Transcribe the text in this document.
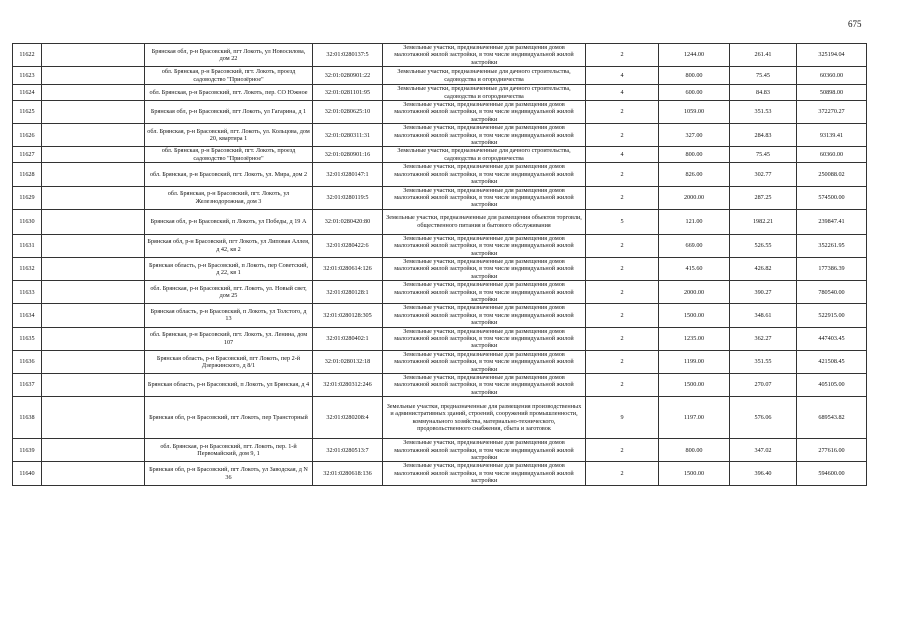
675
11622		Брянская обл, р-н Брасовский, пгт Локоть, ул Новосилова, дом 22	32:01:0280137:5	Земельные участки, предназначенные для размещения домов малоэтажной жилой застройки, в том числе индивидуальной жилой застройки	2	1244.00	261.41	325194.04
11623		обл. Брянская, р-н Брасовский, пгт. Локоть, проезд садоводство "Приозёрное"	32:01:0280901:22	Земельные участки, предназначенные для дачного строительства, садоводства и огородничества	4	800.00	75.45	60360.00
11624		обл. Брянская, р-н Брасовский, пгт. Локоть, пер. СО Южное	32:01:0281101:95	Земельные участки, предназначенные для дачного строительства, садоводства и огородничества	4	600.00	84.83	50898.00
11625		Брянская обл, р-н Брасовский, пгт Локоть, ул Гагарина, д 1	32:01:0280625:10	Земельные участки, предназначенные для размещения домов малоэтажной жилой застройки, в том числе индивидуальной жилой застройки	2	1059.00	351.53	372270.27
11626		обл. Брянская, р-н Брасовский, пгт. Локоть, ул. Кольцова, дом 20, квартира 1	32:01:0280311:31	Земельные участки, предназначенные для размещения домов малоэтажной жилой застройки, в том числе индивидуальной жилой застройки	2	327.00	284.83	93139.41
11627		обл. Брянская, р-н Брасовский, пгт. Локоть, проезд садоводство "Приозёрное"	32:01:0280901:16	Земельные участки, предназначенные для дачного строительства, садоводства и огородничества	4	800.00	75.45	60360.00
11628		обл. Брянская, р-н Брасовский, пгт. Локоть, ул. Мира, дом 2	32:01:0280147:1	Земельные участки, предназначенные для размещения домов малоэтажной жилой застройки, в том числе индивидуальной жилой застройки	2	826.00	302.77	250088.02
11629		обл. Брянская, р-н Брасовский, пгт. Локоть, ул Железнодорожная, дом 3	32:01:0280119:5	Земельные участки, предназначенные для размещения домов малоэтажной жилой застройки, в том числе индивидуальной жилой застройки	2	2000.00	287.25	574500.00
11630		Брянская обл, р-н Брасовский, п Локоть, ул Победы, д 19 А	32:01:0280420:80	Земельные участки, предназначенные для размещения объектов торговли, общественного питания и бытового обслуживания	5	121.00	1982.21	239847.41
11631		Брянская обл, р-н Брасовский, пгт Локоть, ул Липовая Аллея, д 42, кв 2	32:01:0280422:6	Земельные участки, предназначенные для размещения домов малоэтажной жилой застройки, в том числе индивидуальной жилой застройки	2	669.00	526.55	352261.95
11632		Брянская область, р-н Брасовский, п Локоть, пер Советский, д 22, кв 1	32:01:0280614:126	Земельные участки, предназначенные для размещения домов малоэтажной жилой застройки, в том числе индивидуальной жилой застройки	2	415.60	426.82	177386.39
11633		обл. Брянская, р-н Брасовский, пгт. Локоть, ул. Новый свет, дом 25	32:01:0280128:1	Земельные участки, предназначенные для размещения домов малоэтажной жилой застройки, в том числе индивидуальной жилой застройки	2	2000.00	390.27	780540.00
11634		Брянская область, р-н Брасовский, п Локоть, ул Толстого, д 13	32:01:0280128:305	Земельные участки, предназначенные для размещения домов малоэтажной жилой застройки, в том числе индивидуальной жилой застройки	2	1500.00	348.61	522915.00
11635		обл. Брянская, р-н Брасовский, пгт. Локоть, ул. Ленина, дом 107	32:01:0280402:1	Земельные участки, предназначенные для размещения домов малоэтажной жилой застройки, в том числе индивидуальной жилой застройки	2	1235.00	362.27	447403.45
11636		Брянская область, р-н Брасовский, пгт Локоть, пер 2-й Дзержинского, д 8/1	32:01:0280132:18	Земельные участки, предназначенные для размещения домов малоэтажной жилой застройки, в том числе индивидуальной жилой застройки	2	1199.00	351.55	421508.45
11637		Брянская область, р-н Брасовский, п Локоть, ул Брянская, д 4	32:01:0280312:246	Земельные участки, предназначенные для размещения домов малоэтажной жилой застройки, в том числе индивидуальной жилой застройки	2	1500.00	270.07	405105.00
11638		Брянская обл, р-н Брасовский, пгт Локоть, пер Трансторный	32:01:0280208:4	Земельные участки, предназначенные для размещения производственных и административных зданий, строений, сооружений промышленности, коммунального хозяйства, материально-технического, продовольственного снабжения, сбыта и заготовок	9	1197.00	576.06	689543.82
11639		обл. Брянская, р-н Брасовский, пгт. Локоть, пер. 1-й Первомайский, дом 9, 1	32:01:0280513:7	Земельные участки, предназначенные для размещения домов малоэтажной жилой застройки, в том числе индивидуальной жилой застройки	2	800.00	347.02	277616.00
11640		Брянская обл, р-н Брасовский, пгт Локоть, ул Заводская, д N 36	32:01:0280618:136	Земельные участки, предназначенные для размещения домов малоэтажной жилой застройки, в том числе индивидуальной жилой застройки	2	1500.00	396.40	594600.00
